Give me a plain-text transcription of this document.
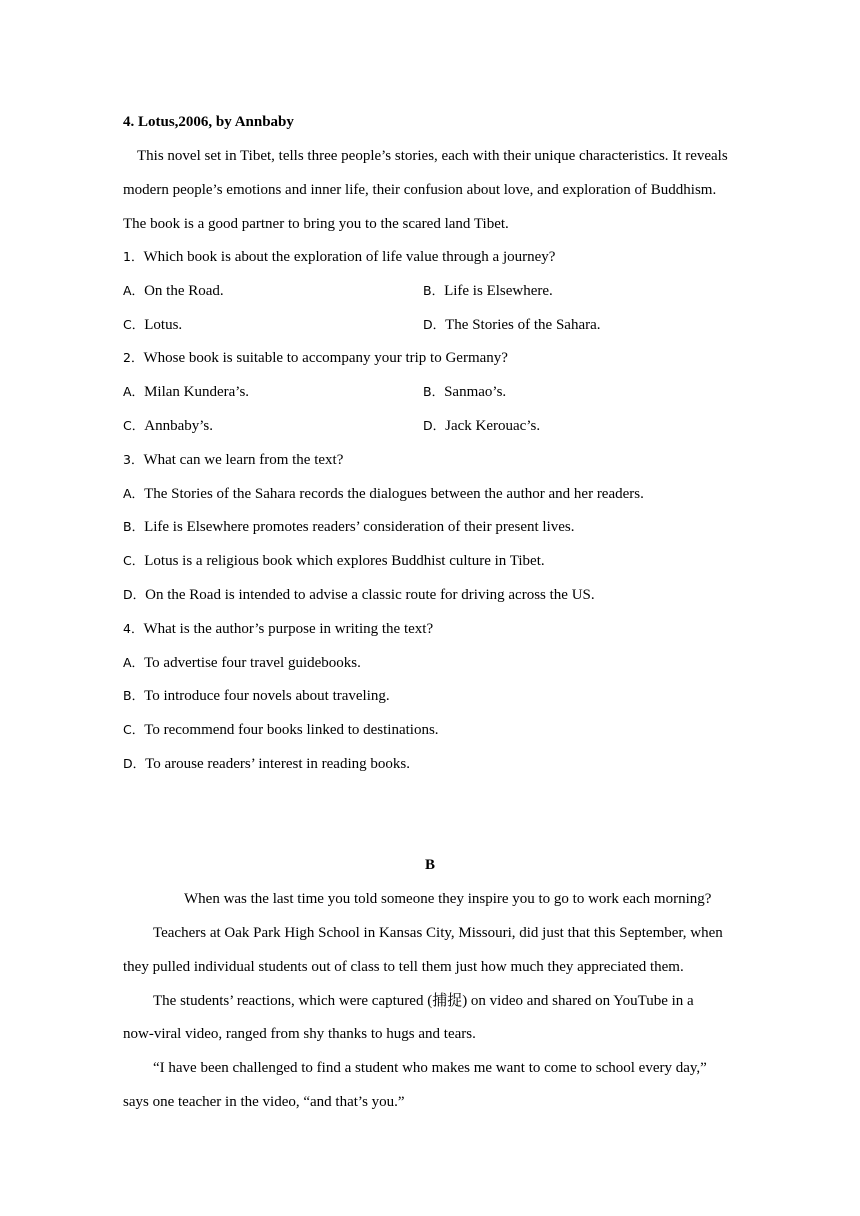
4. Lotus,2006, by Annbaby
This novel set in Tibet, tells three people’s stories, each with their unique characteristics. It reveals
modern people’s emotions and inner life, their confusion about love, and exploration of Buddhism.
The book is a good partner to bring you to the scared land Tibet.
1．Which book is about the exploration of life value through a journey?
A．On the Road.	B．Life is Elsewhere.
C．Lotus.	D．The Stories of the Sahara.
2．Whose book is suitable to accompany your trip to Germany?
A．Milan Kundera’s.	B．Sanmao’s.
C．Annbaby’s.	D．Jack Kerouac’s.
3．What can we learn from the text?
A．The Stories of the Sahara records the dialogues between the author and her readers.
B．Life is Elsewhere promotes readers’ consideration of their present lives.
C．Lotus is a religious book which explores Buddhist culture in Tibet.
D．On the Road is intended to advise a classic route for driving across the US.
4．What is the author’s purpose in writing the text?
A．To advertise four travel guidebooks.
B．To introduce four novels about traveling.
C．To recommend four books linked to destinations.
D．To arouse readers’ interest in reading books.
B
When was the last time you told someone they inspire you to go to work each morning?
Teachers at Oak Park High School in Kansas City, Missouri, did just that this September, when
they pulled individual students out of class to tell them just how much they appreciated them.
The students’ reactions, which were captured (捕捉) on video and shared on YouTube in a
now-viral video, ranged from shy thanks to hugs and tears.
“I have been challenged to find a student who makes me want to come to school every day,”
says one teacher in the video, “and that’s you.”
